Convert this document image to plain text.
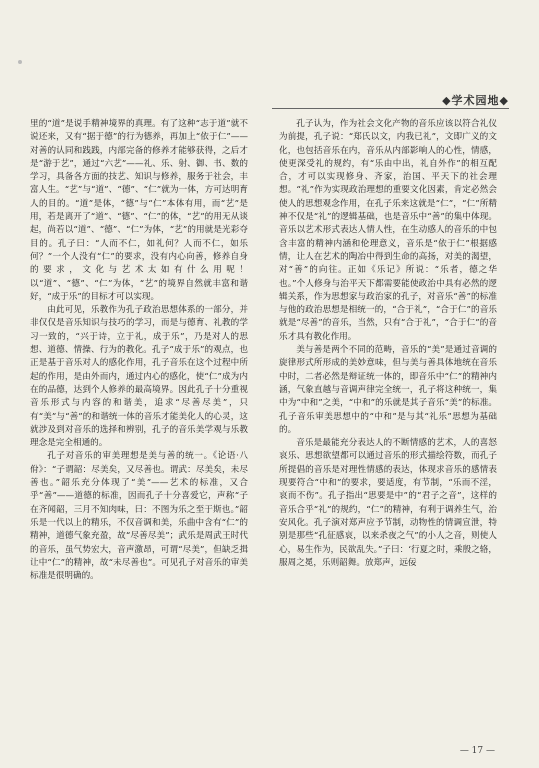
◆学术园地◆

里的“道”是说手精神境界的真理。有了这种“志于道”就不说还来，又有“据于德”的行为德养，再加上“依于仁”——对善的认同和践践，内部完备的修养才能够获得，之后才是“游于艺”，通过“六艺”——礼、乐、射、御、书、数的学习，具备各方面的技艺、知识与修养，服务于社会，丰富人生。“艺”与“道”、“德”、“仁”就为一体，方可达明育人的目的。“道”是体，“德”与“仁”本体有用，而“艺”是用，若是离开了“道”、“德”、“仁”的体，“艺”的用无从谈起，尚若以“道”、“德”、“仁”为体，“艺”的用就是光彩夺目的。孔子曰：“人而不仁，如礼何？人而不仁，如乐何？”一个人没有“仁”的要求，没有内心向善，修养自身的要求，文化与艺术太如有什么用呢！以“道”、“德”、“仁”为体，“艺”的境界自然就丰富和谐好，“成于乐”的目标才可以实现。

由此可见，乐教作为孔子政治思想体系的一部分，并非仅仅是音乐知识与技巧的学习，而是与德育、礼教的学习一致的，“兴于诗，立于礼，成于乐”，乃是对人的思想、道德、情操、行为的教化。孔子“成于乐”的观点，也正是基于音乐对人的感化作用，孔子音乐在这个过程中所起的作用，是由外而内，通过内心的感化，使“仁”成为内在的品德，达到个人修养的最高境界。因此孔子十分重视音乐形式与内容的和谐美，追求“尽善尽美”，只有“美”与“善”的和谐统一体的音乐才能美化人的心灵，这就涉及到对音乐的选择和辨别，孔子的音乐美学观与乐教理念是完全相通的。

孔子对音乐的审美理想是美与善的统一。《论语·八佾》：“子谓韶：尽美矣，又尽善也。谓武：尽美矣，未尽善也。”韶乐充分体现了“美”——艺术的标准，又合乎“善”——道德的标准，因而孔子十分喜爱它，声称“子在齐闻韶，三月不知肉味，曰：不图为乐之至于斯也。”韶乐是一代以上的精乐，不仅音调和美，乐曲中含有“仁”的精神，道德气象充盈，故“尽善尽美”；武乐是周武王时代的音乐，虽气势宏大，音声激昂，可谓“尽美”，但缺乏揖让中“仁”的精神，故“未尽善也”。可见孔子对音乐的审美标准是很明确的。

孔子认为，作为社会文化产物的音乐应该以符合礼仪为前提，孔子说：“郑氏以文，内我已礼”，文即广义的文化，也包括音乐在内，音乐从内部影响人的心性，情感，使更深受礼的规约，有“乐由中出，礼自外作”的相互配合，才可以实现修身、齐家，治国、平天下的社会理想。“礼”作为实现政治理想的重要文化因素，肯定必然会使人的思想观念作用，在孔子乐来这就是“仁”，“仁”所精神不仅是“礼”的逻辑基础，也是音乐中“善”的集中体现。音乐以艺术形式表达人情人性，在生动感人的音乐的中包含丰富的精神内涵和伦理意义，音乐是“依于仁”根据感情，让人在艺术的陶冶中得到生命的高扬，对美的渴望，对“善”的向往。正如《乐记》所说：“乐者，德之华也。”个人修身与治平天下都需要能使政治中具有必然的逻辑关系，作为思想家与政治家的孔子，对音乐“善”的标准与他的政治思想是相统一的，“合于礼”，“合于仁”的音乐就是“尽善”的音乐，当然，只有“合于礼”，“合于仁”的音乐才具有教化作用。

美与善是两个不同的范畴，音乐的“美”是通过音调的旋律形式所形成的美妙意味，但与美与善具体地统在音乐中时，二者必然是辩证统一体的，即音乐中“仁”的精神内涵，气象直越与音调声律完全统一，孔子将这种统一，集中为“中和”之美，“中和”的乐就是其子音乐“美”的标准。孔子音乐审美思想中的“中和”是与其“礼乐”思想为基础的。

音乐是最能充分表达人的不断情感的艺术，人的喜怒哀乐、思想欲望都可以通过音乐的形式描绘符数，而孔子所提倡的音乐是对理性情感的表达，体现求音乐的感情表现要符合“中和”的要求，要适度，有节制，“乐而不淫，哀而不伤”。孔子指出“思要是中”的“君子之音”，这样的音乐合乎“礼”的规约，“仁”的精神，有利于调养生气，治安风化。孔子演对郑声应予节制，动物性的情调宣泄，特别是那些“孔征感哀，以来杀夜之气”的小人之音，则使人心，易生作为，民欲乱失。”子曰：‘行夏之时，乘殷之辂，服周之冕，乐则韶舞。放郑声，远佞

— 17 —
